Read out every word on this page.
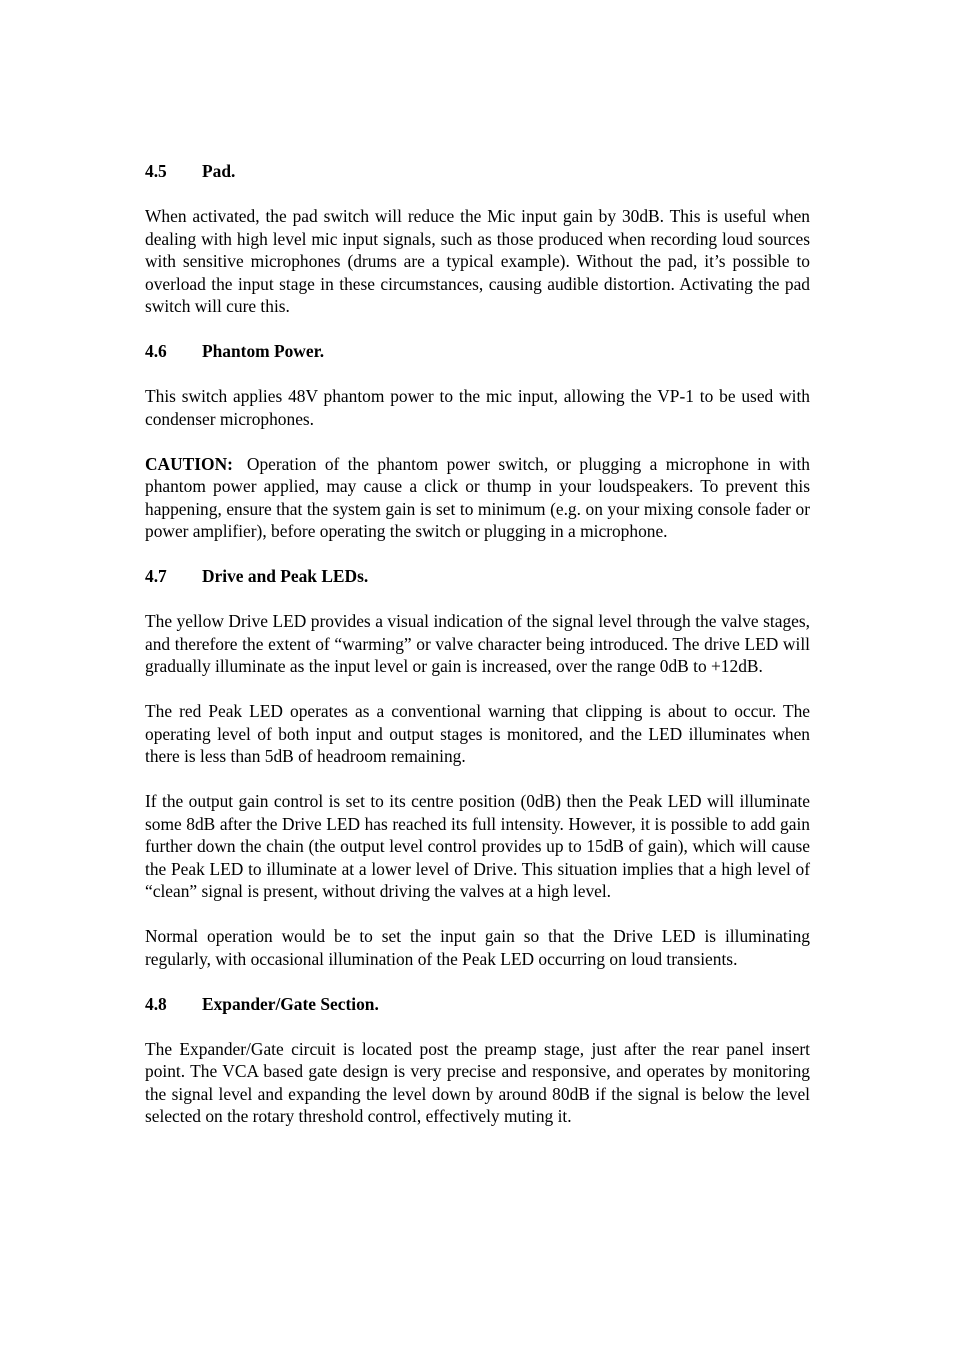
4.5 Pad.

When activated, the pad switch will reduce the Mic input gain by 30dB. This is useful when dealing with high level mic input signals, such as those produced when recording loud sources with sensitive microphones (drums are a typical example). Without the pad, it’s possible to overload the input stage in these circumstances, causing audible distortion. Activating the pad switch will cure this.

4.6 Phantom Power.

This switch applies 48V phantom power to the mic input, allowing the VP-1 to be used with condenser microphones.

CAUTION: Operation of the phantom power switch, or plugging a microphone in with phantom power applied, may cause a click or thump in your loudspeakers. To prevent this happening, ensure that the system gain is set to minimum (e.g. on your mixing console fader or power amplifier), before operating the switch or plugging in a microphone.

4.7 Drive and Peak LEDs.

The yellow Drive LED provides a visual indication of the signal level through the valve stages, and therefore the extent of “warming” or valve character being introduced. The drive LED will gradually illuminate as the input level or gain is increased, over the range 0dB to +12dB.

The red Peak LED operates as a conventional warning that clipping is about to occur. The operating level of both input and output stages is monitored, and the LED illuminates when there is less than 5dB of headroom remaining.

If the output gain control is set to its centre position (0dB) then the Peak LED will illuminate some 8dB after the Drive LED has reached its full intensity. However, it is possible to add gain further down the chain (the output level control provides up to 15dB of gain), which will cause the Peak LED to illuminate at a lower level of Drive. This situation implies that a high level of “clean” signal is present, without driving the valves at a high level.

Normal operation would be to set the input gain so that the Drive LED is illuminating regularly, with occasional illumination of the Peak LED occurring on loud transients.

4.8 Expander/Gate Section.

The Expander/Gate circuit is located post the preamp stage, just after the rear panel insert point. The VCA based gate design is very precise and responsive, and operates by monitoring the signal level and expanding the level down by around 80dB if the signal is below the level selected on the rotary threshold control, effectively muting it.
